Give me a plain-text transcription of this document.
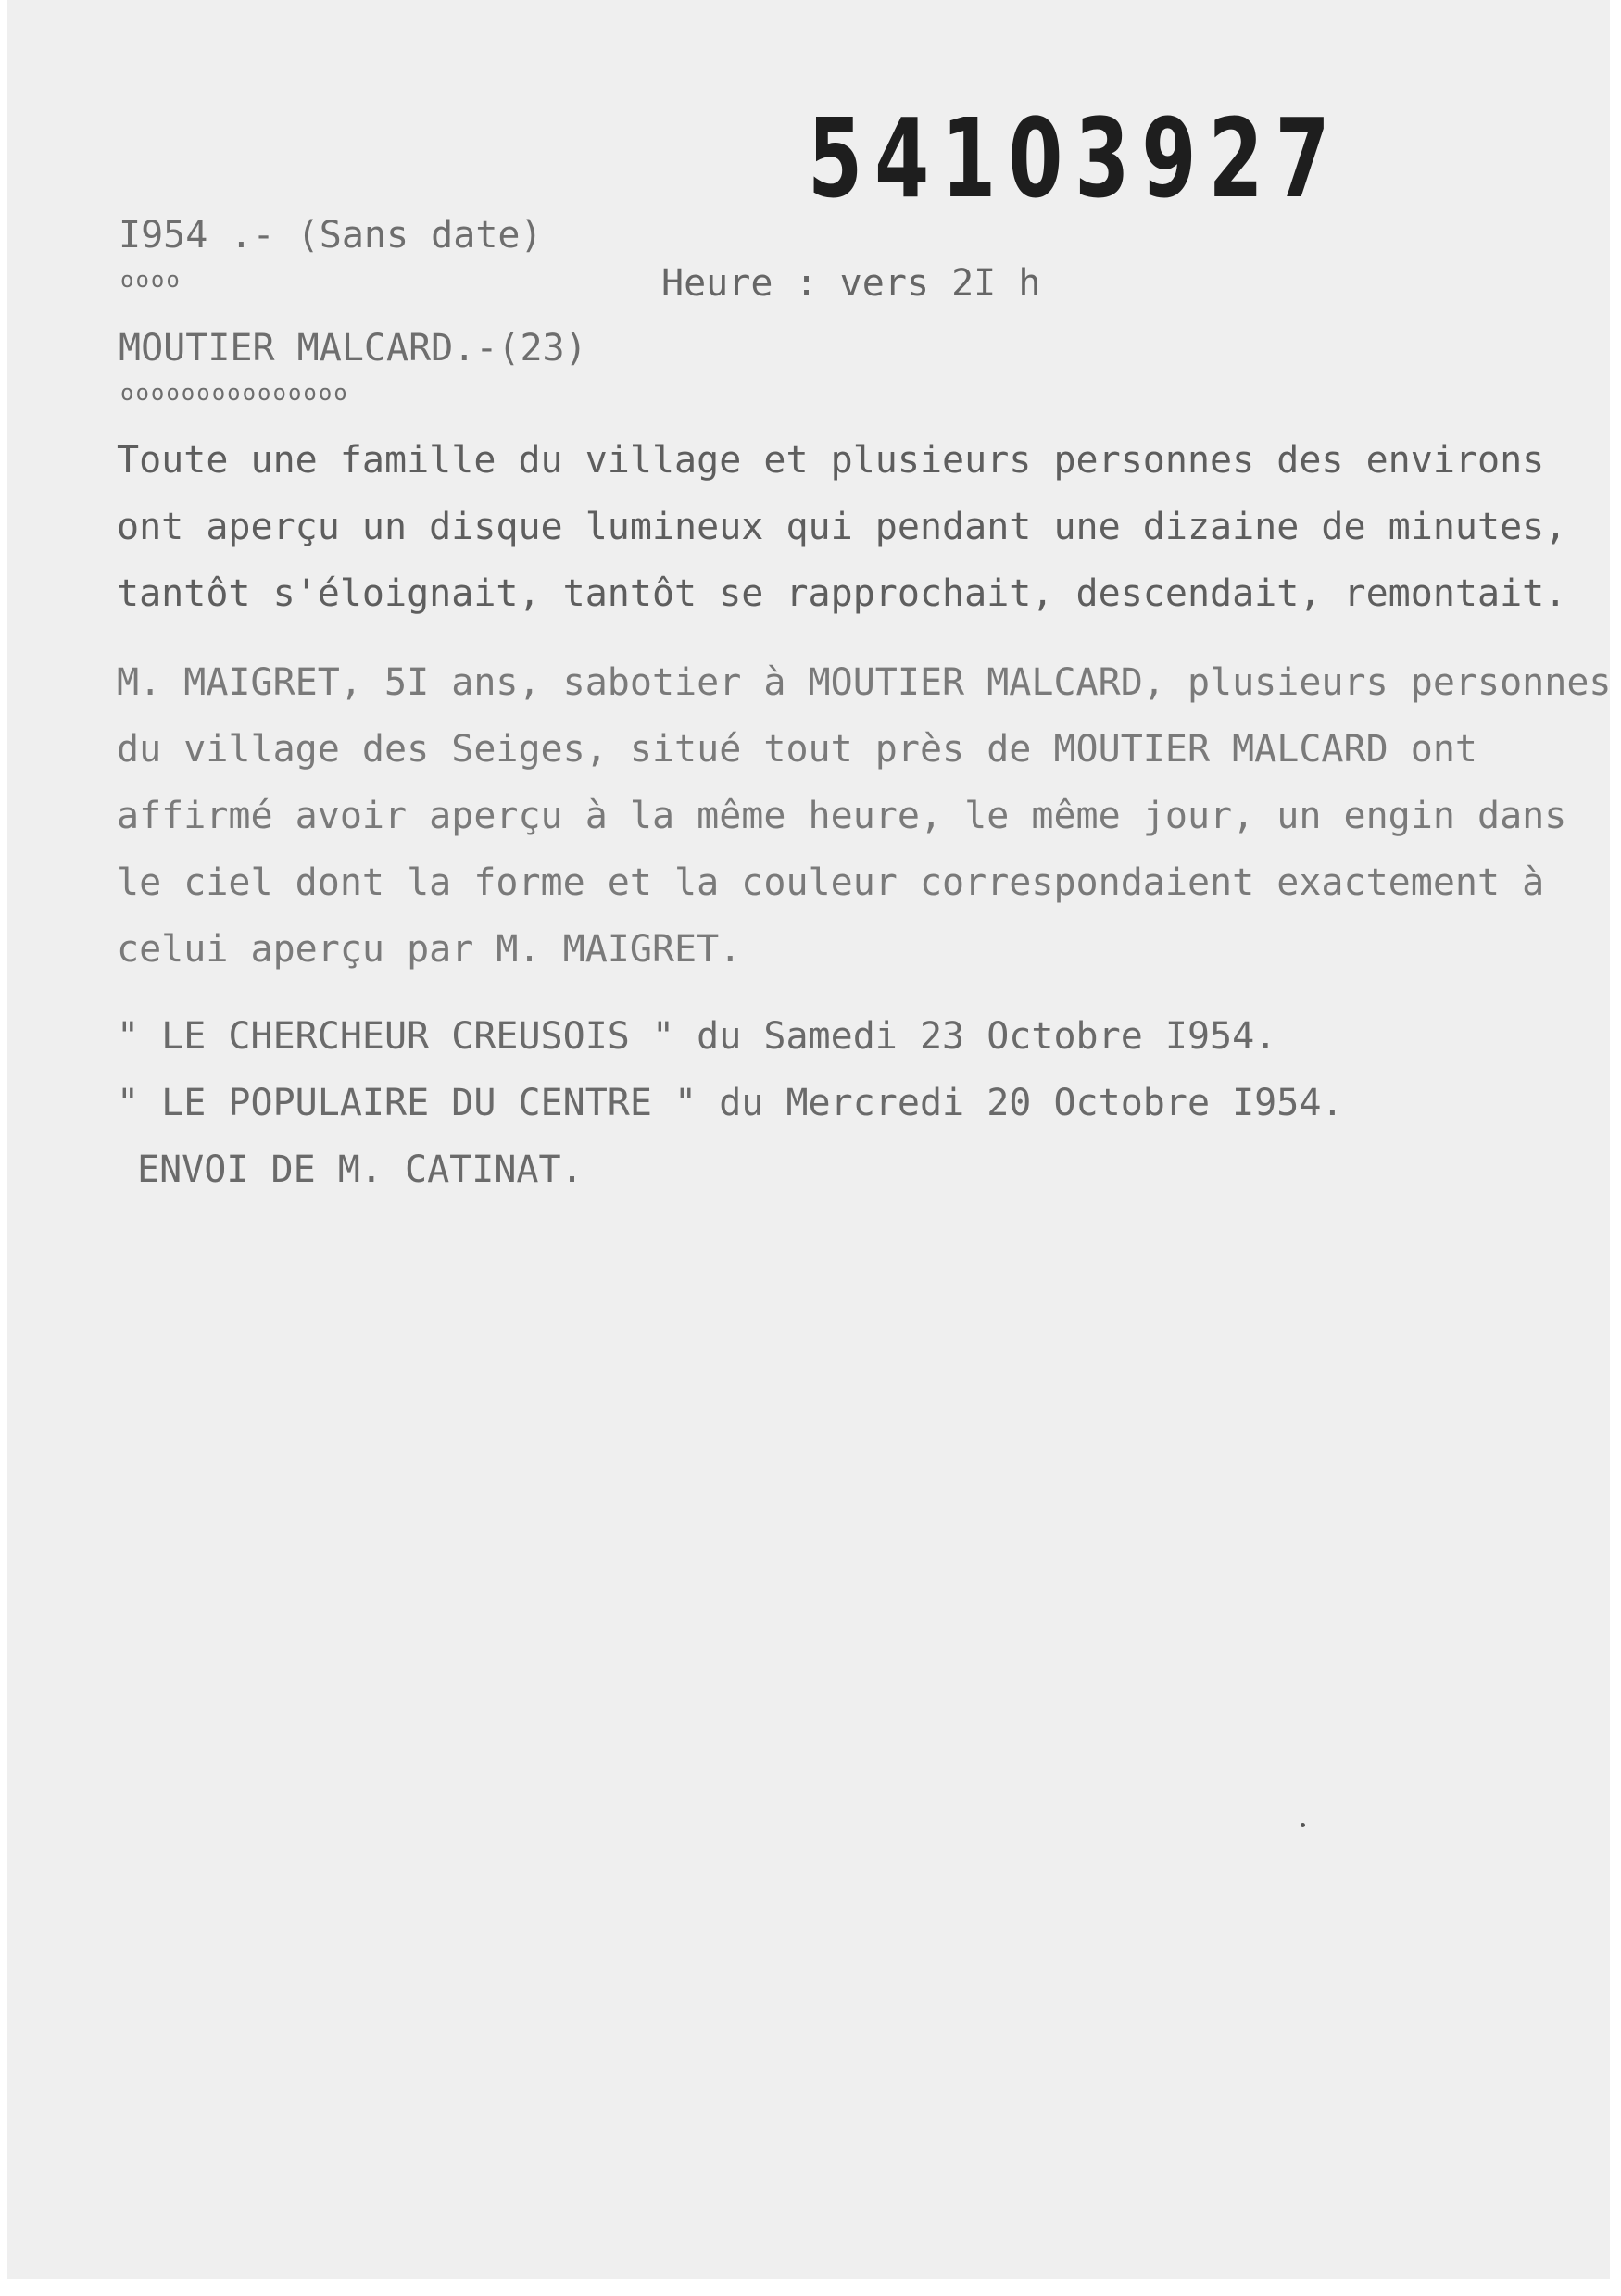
54103927
I954 .- (Sans date)
oooo	Heure : vers 2I h
MOUTIER MALCARD.-(23)
ooooooooooooooo
Toute une famille du village et plusieurs personnes des environs
ont aperçu un disque lumineux qui pendant une dizaine de minutes,
tantôt s'éloignait, tantôt se rapprochait, descendait, remontait.
M. MAIGRET, 5I ans, sabotier à MOUTIER MALCARD, plusieurs personnes
du village des Seiges, situé tout près de MOUTIER MALCARD ont
affirmé avoir aperçu à la même heure, le même jour, un engin dans
le ciel dont la forme et la couleur correspondaient exactement à
celui aperçu par M. MAIGRET.
" LE CHERCHEUR CREUSOIS " du Samedi 23 Octobre I954.
" LE POPULAIRE DU CENTRE " du Mercredi 20 Octobre I954.
ENVOI DE M. CATINAT.
